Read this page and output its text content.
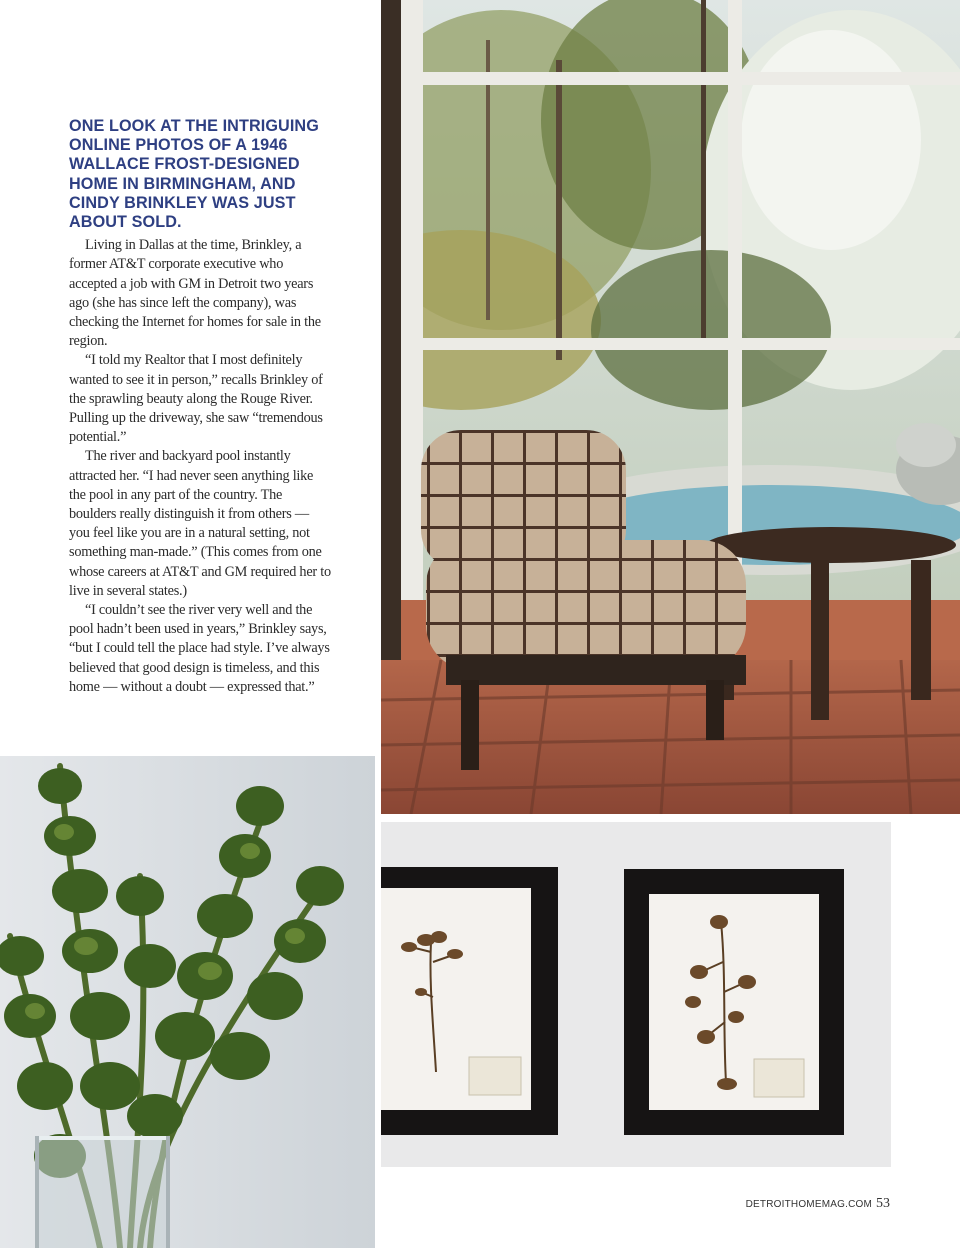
ONE LOOK AT THE INTRIGUING ONLINE PHOTOS OF A 1946 WALLACE FROST-DESIGNED HOME IN BIRMINGHAM, AND CINDY BRINKLEY WAS JUST ABOUT SOLD.

Living in Dallas at the time, Brinkley, a former AT&T corporate executive who accepted a job with GM in Detroit two years ago (she has since left the company), was checking the Internet for homes for sale in the region.

“I told my Realtor that I most definitely wanted to see it in person,” recalls Brinkley of the sprawling beauty along the Rouge River. Pulling up the driveway, she saw “tremendous potential.”

The river and backyard pool instantly attracted her. “I had never seen anything like the pool in any part of the country. The boulders really distinguish it from others — you feel like you are in a natural setting, not something man-made.” (This comes from one whose careers at AT&T and GM required her to live in several states.)

“I couldn’t see the river very well and the pool hadn’t been used in years,” Brinkley says, “but I could tell the place had style. I’ve always believed that good design is timeless, and this home — without a doubt — expressed that.”

DETROITHOMEMAG.COM 53
